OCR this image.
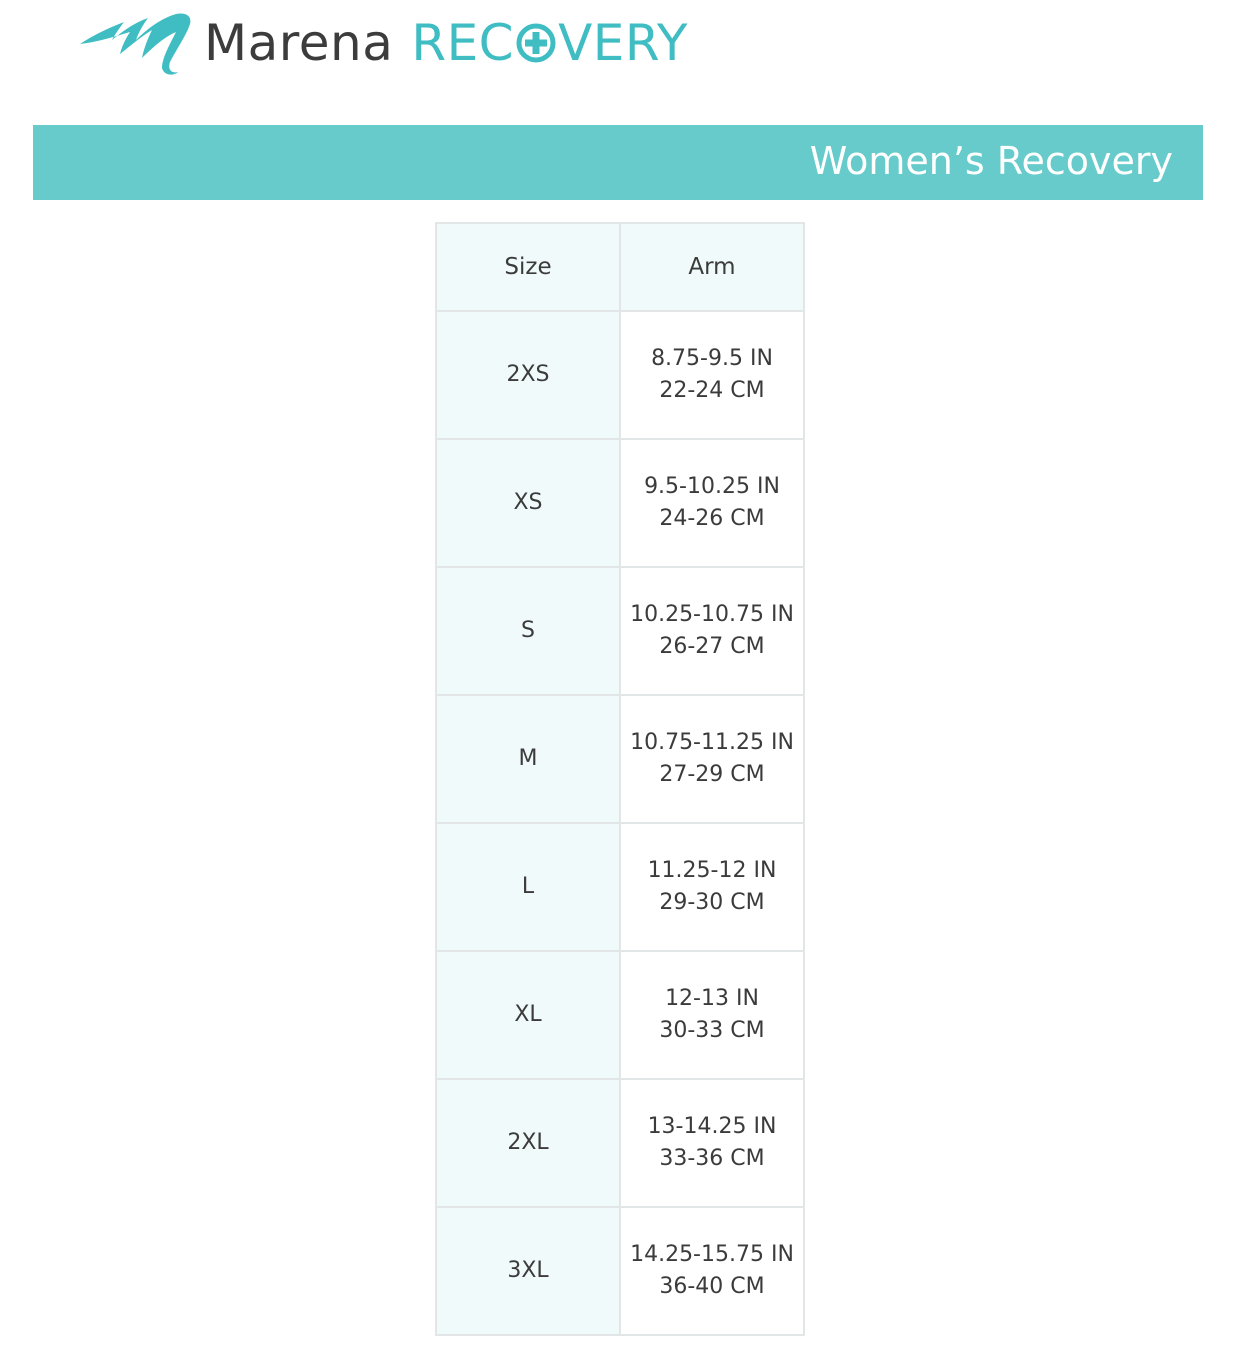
Marena REC VERY
Women’s Recovery
Size	Arm
2XS	8.75-9.5 IN
22-24 CM

XS	9.5-10.25 IN
24-26 CM

S	10.25-10.75 IN
26-27 CM

M	10.75-11.25 IN
27-29 CM

L	11.25-12 IN
29-30 CM

XL	12-13 IN
30-33 CM

2XL	13-14.25 IN
33-36 CM

3XL	14.25-15.75 IN
36-40 CM
